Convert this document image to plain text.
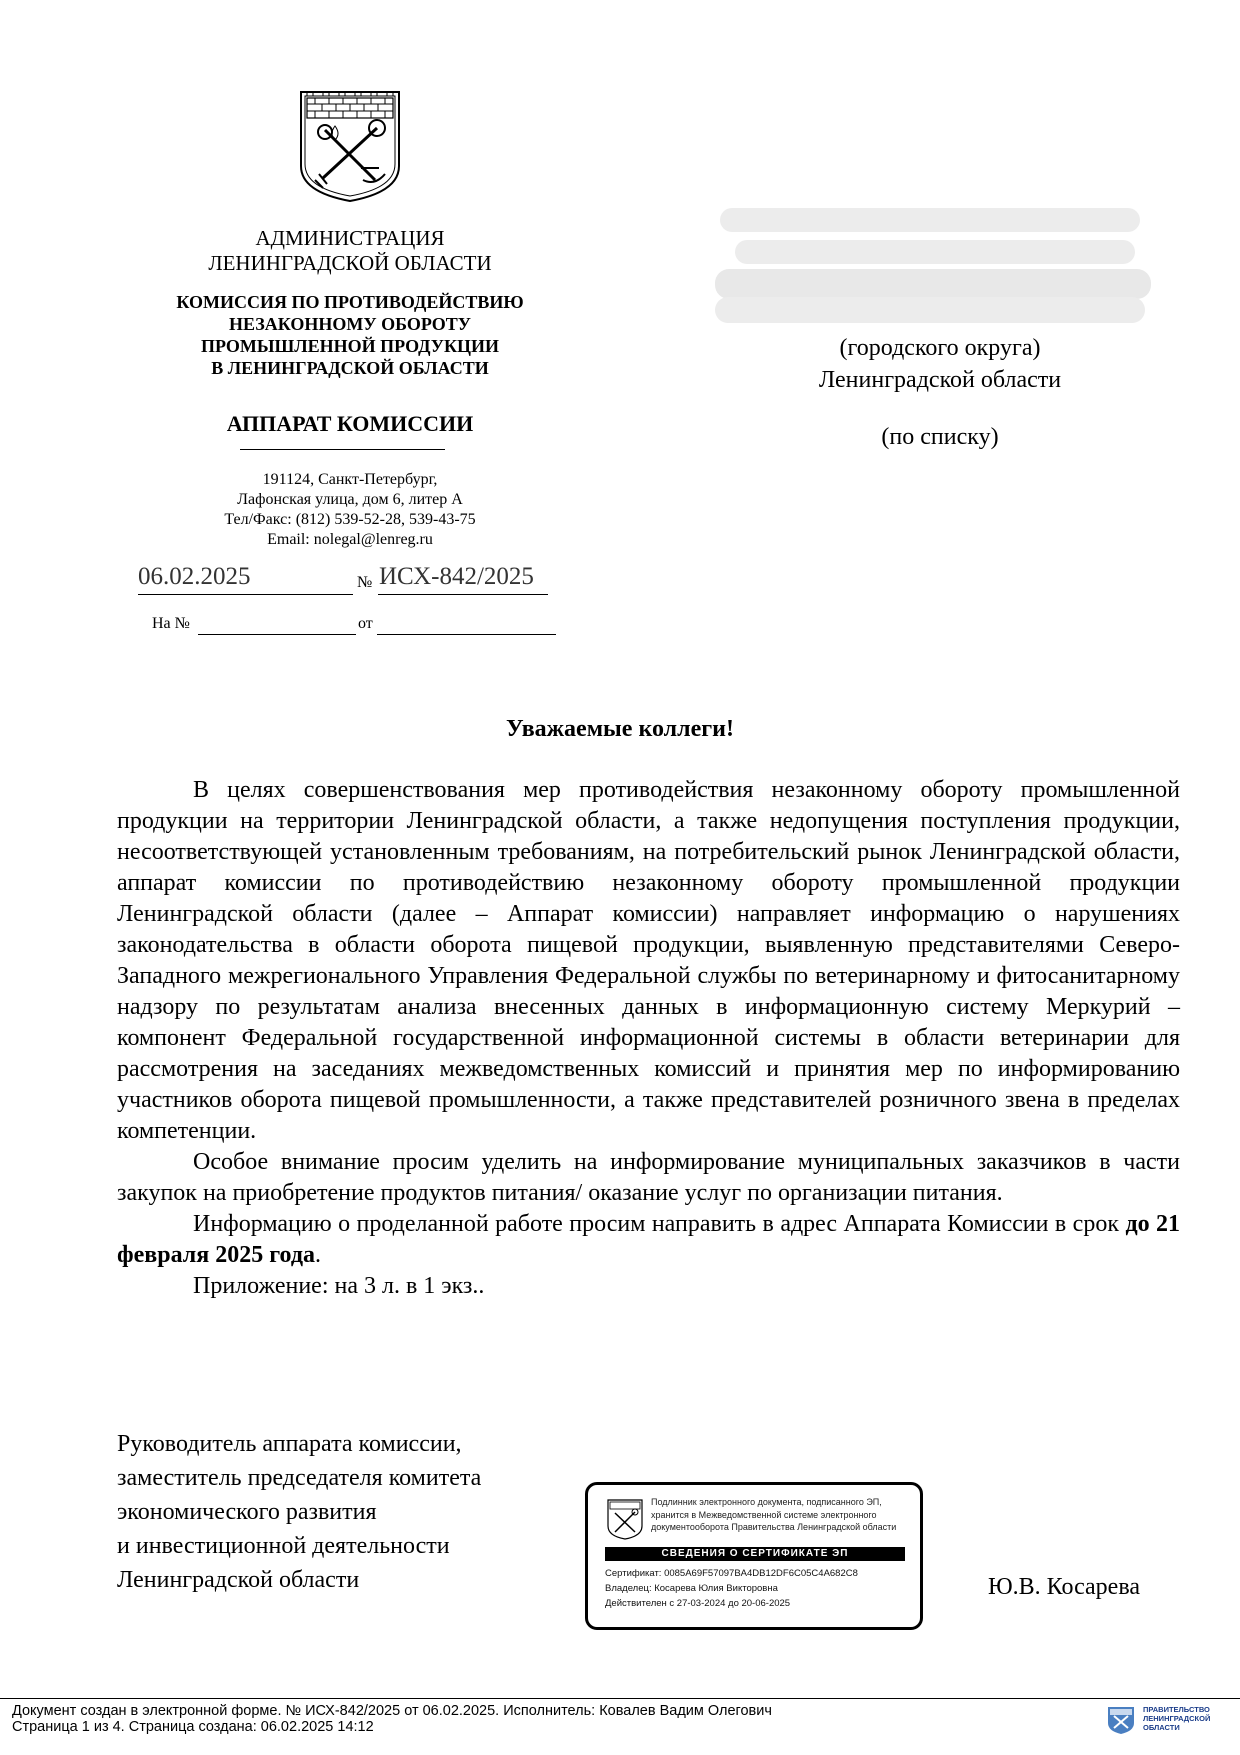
АДМИНИСТРАЦИЯ
ЛЕНИНГРАДСКОЙ ОБЛАСТИ
КОМИССИЯ ПО ПРОТИВОДЕЙСТВИЮ
НЕЗАКОННОМУ ОБОРОТУ
ПРОМЫШЛЕННОЙ ПРОДУКЦИИ
В ЛЕНИНГРАДСКОЙ ОБЛАСТИ
АППАРАТ КОМИССИИ
191124, Санкт-Петербург,
Лафонская улица, дом 6, литер А
Тел/Факс: (812) 539-52-28, 539-43-75
Email: nolegal@lenreg.ru
06.02.2025	№ ИСХ-842/2025
На №	от
(городского округа)
Ленинградской области
(по списку)
Уважаемые коллеги!

В целях совершенствования мер противодействия незаконному обороту промышленной продукции на территории Ленинградской области, а также недопущения поступления продукции, несоответствующей установленным требованиям, на потребительский рынок Ленинградской области, аппарат комиссии по противодействию незаконному обороту промышленной продукции Ленинградской области (далее – Аппарат комиссии) направляет информацию о нарушениях законодательства в области оборота пищевой продукции, выявленную представителями Северо-Западного межрегионального Управления Федеральной службы по ветеринарному и фитосанитарному надзору по результатам анализа внесенных данных в информационную систему Меркурий – компонент Федеральной государственной информационной системы в области ветеринарии для рассмотрения на заседаниях межведомственных комиссий и принятия мер по информированию участников оборота пищевой промышленности, а также представителей розничного звена в пределах компетенции.

Особое внимание просим уделить на информирование муниципальных заказчиков в части закупок на приобретение продуктов питания/ оказание услуг по организации питания.

Информацию о проделанной работе просим направить в адрес Аппарата Комиссии в срок до 21 февраля 2025 года.

Приложение: на 3 л. в 1 экз..

Руководитель аппарата комиссии,
заместитель председателя комитета
экономического развития
и инвестиционной деятельности
Ленинградской области
Подлинник электронного документа, подписанного ЭП,
хранится в Межведомственной системе электронного
документооборота Правительства Ленинградской области
СВЕДЕНИЯ О СЕРТИФИКАТЕ ЭП
Сертификат: 0085A69F57097BA4DB12DF6C05C4A682C8
Владелец: Косарева Юлия Викторовна
Действителен с 27-03-2024 до 20-06-2025
Ю.В. Косарева
Документ создан в электронной форме. № ИСХ-842/2025 от 06.02.2025. Исполнитель: Ковалев Вадим Олегович
Страница 1 из 4. Страница создана: 06.02.2025 14:12
ПРАВИТЕЛЬСТВО
ЛЕНИНГРАДСКОЙ
ОБЛАСТИ
